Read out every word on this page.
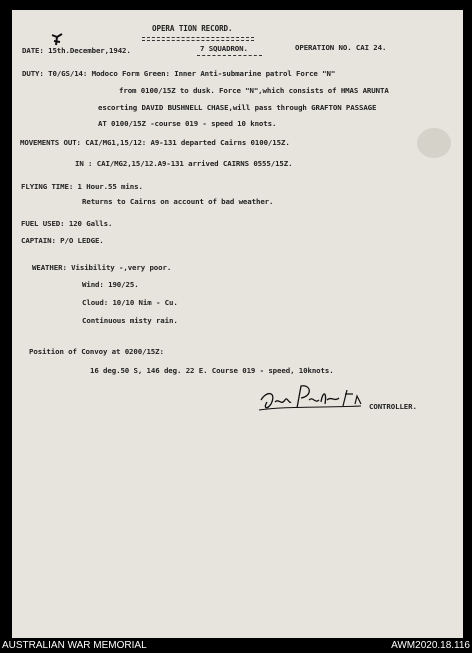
OPERA TION RECORD.
DATE: 15th.December,1942.	7 SQUADRON.	OPERATION NO. CAI 24.
DUTY: T0/GS/14: Modoco Form Green: Inner Anti-submarine patrol Force "N"
from 0100/15Z to dusk. Force "N",which consists of HMAS ARUNTA
escorting DAVID BUSHNELL CHASE,will pass through GRAFTON PASSAGE
AT 0100/15Z -course 019 - speed 10 knots.
MOVEMENTS OUT: CAI/MG1,15/12: A9-131 departed Cairns 0100/15Z.
IN : CAI/MG2,15/12.A9-131 arrived CAIRNS 0555/15Z.
FLYING TIME: 1 Hour.55 mins.
Returns to Cairns on account of bad weather.
FUEL USED: 120 Galls.
CAPTAIN: P/O LEDGE.
WEATHER: Visibility -,very poor.
Wind: 190/25.
Cloud: 10/10 Nim - Cu.
Continuous misty rain.
Position of Convoy at 0200/15Z:
16 deg.50 S, 146 deg. 22 E. Course 019 - speed, 10knots.
CONTROLLER.
AUSTRALIAN WAR MEMORIAL	AWM2020.18.116
